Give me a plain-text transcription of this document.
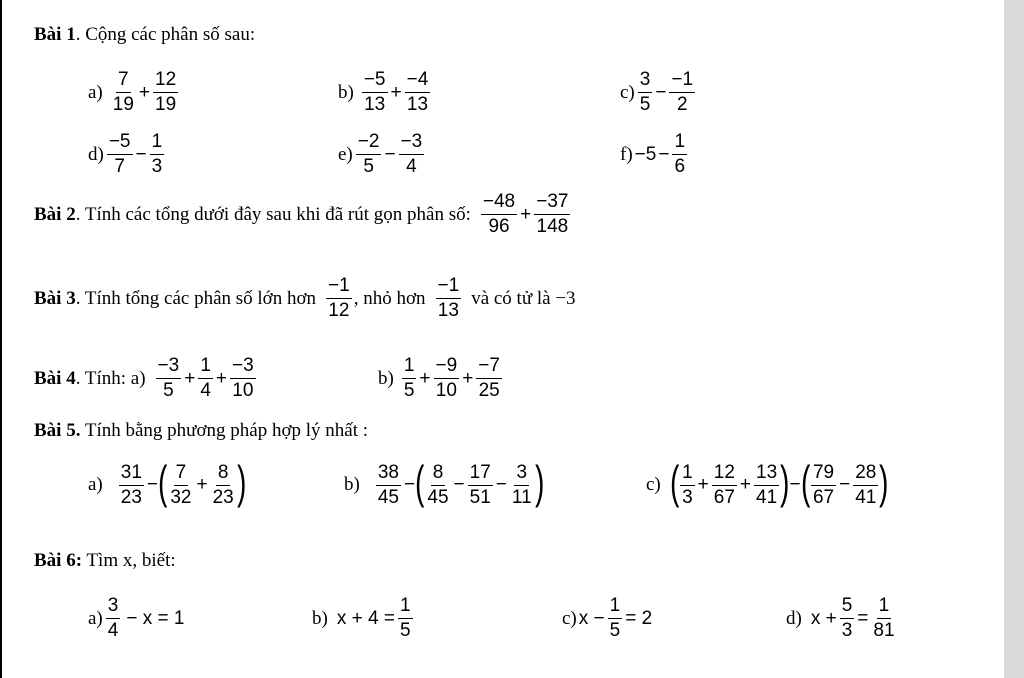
Bài 1. Cộng các phân số sau:
$a) \frac{7}{19} + \frac{12}{19}$	$b) \frac{-5}{13} + \frac{-4}{13}$	$c) \frac{3}{5} - \frac{-1}{2}$
$d) \frac{-5}{7} - \frac{1}{3}$	$e) \frac{-2}{5} - \frac{-3}{4}$	$f) -5 - \frac{1}{6}$
Bài 2. Tính các tổng dưới đây sau khi đã rút gọn phân số: $\frac{-48}{96} + \frac{-37}{148}$
Bài 3. Tính tổng các phân số lớn hơn $\frac{-1}{12}$ , nhỏ hơn $\frac{-1}{13}$ và có tử là −3
Bài 4. Tính: $a) \frac{-3}{5} + \frac{1}{4} + \frac{-3}{10}$	$b) \frac{1}{5} + \frac{-9}{10} + \frac{-7}{25}$
Bài 5. Tính bằng phương pháp hợp lý nhất :
$a) \frac{31}{23}$ − ( $\frac{7}{32} + \frac{8}{23}$ )	$b) \frac{38}{45}$ − ( $\frac{8}{45} - \frac{17}{51} - \frac{3}{11}$ )	c) ( $\frac{1}{3} + \frac{12}{67} + \frac{13}{41}$ ) − ( $\frac{79}{67} - \frac{28}{41}$ )
Bài 6: Tìm x, biết:
$a) \frac{3}{4} - x = 1$	b) $x + 4 = \frac{1}{5}$	c) $x - \frac{1}{5} = 2$	d) $x + \frac{5}{3} = \frac{1}{81}$
